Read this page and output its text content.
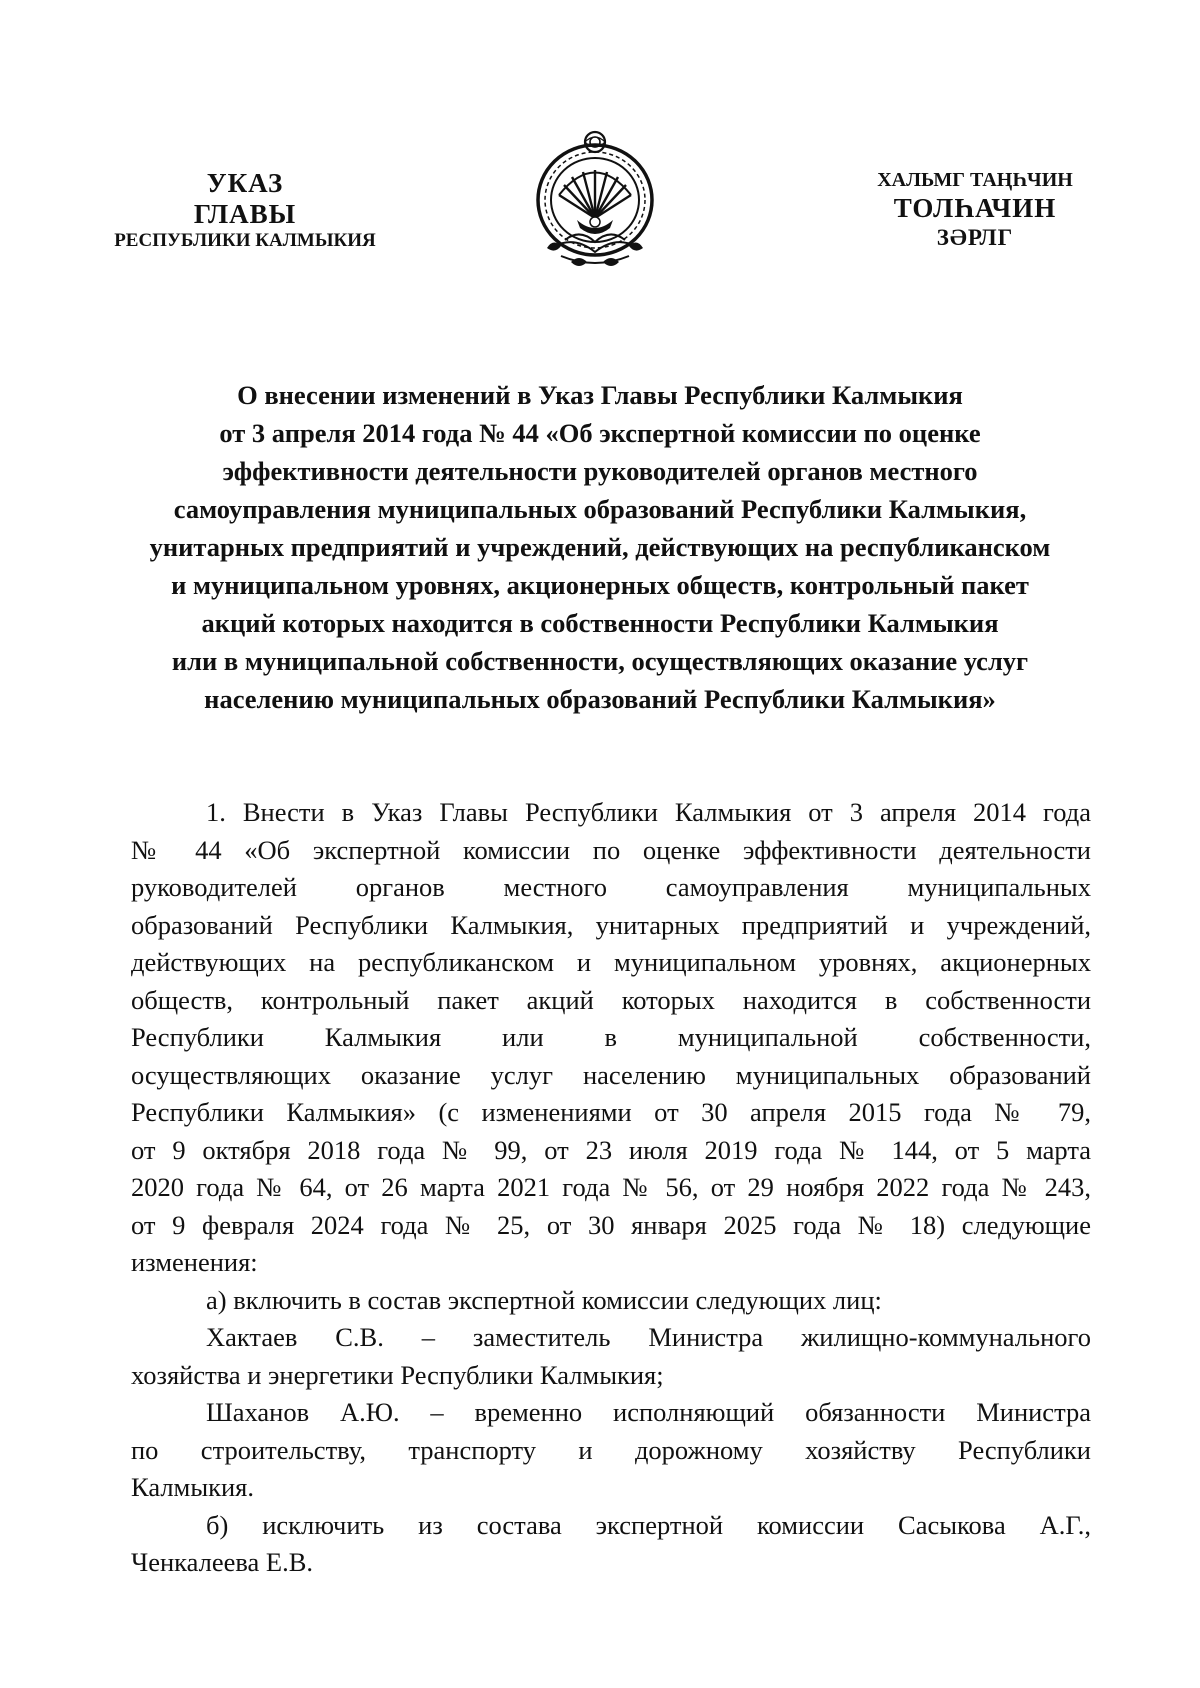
УКАЗ
ГЛАВЫ
РЕСПУБЛИКИ КАЛМЫКИЯ
ХАЛЬМГ ТАҢҺЧИН
ТОЛҺАЧИН
ЗӘРЛГ
О внесении изменений в Указ Главы Республики Калмыкия
от 3 апреля 2014 года № 44 «Об экспертной комиссии по оценке
эффективности деятельности руководителей органов местного
самоуправления муниципальных образований Республики Калмыкия,
унитарных предприятий и учреждений, действующих на республиканском
и муниципальном уровнях, акционерных обществ, контрольный пакет
акций которых находится в собственности Республики Калмыкия
или в муниципальной собственности, осуществляющих оказание услуг
населению муниципальных образований Республики Калмыкия»
1. Внести в Указ Главы Республики Калмыкия от 3 апреля 2014 года
№ 44 «Об экспертной комиссии по оценке эффективности деятельности
руководителей органов местного самоуправления муниципальных
образований Республики Калмыкия, унитарных предприятий и учреждений,
действующих на республиканском и муниципальном уровнях, акционерных
обществ, контрольный пакет акций которых находится в собственности
Республики Калмыкия или в муниципальной собственности,
осуществляющих оказание услуг населению муниципальных образований
Республики Калмыкия» (с изменениями от 30 апреля 2015 года № 79,
от 9 октября 2018 года № 99, от 23 июля 2019 года № 144, от 5 марта
2020 года № 64, от 26 марта 2021 года № 56, от 29 ноября 2022 года № 243,
от 9 февраля 2024 года № 25, от 30 января 2025 года № 18) следующие
изменения:
а) включить в состав экспертной комиссии следующих лиц:
Хактаев С.В. – заместитель Министра жилищно-коммунального
хозяйства и энергетики Республики Калмыкия;
Шаханов А.Ю. – временно исполняющий обязанности Министра
по строительству, транспорту и дорожному хозяйству Республики
Калмыкия.
б) исключить из состава экспертной комиссии Сасыкова А.Г.,
Ченкалеева Е.В.
